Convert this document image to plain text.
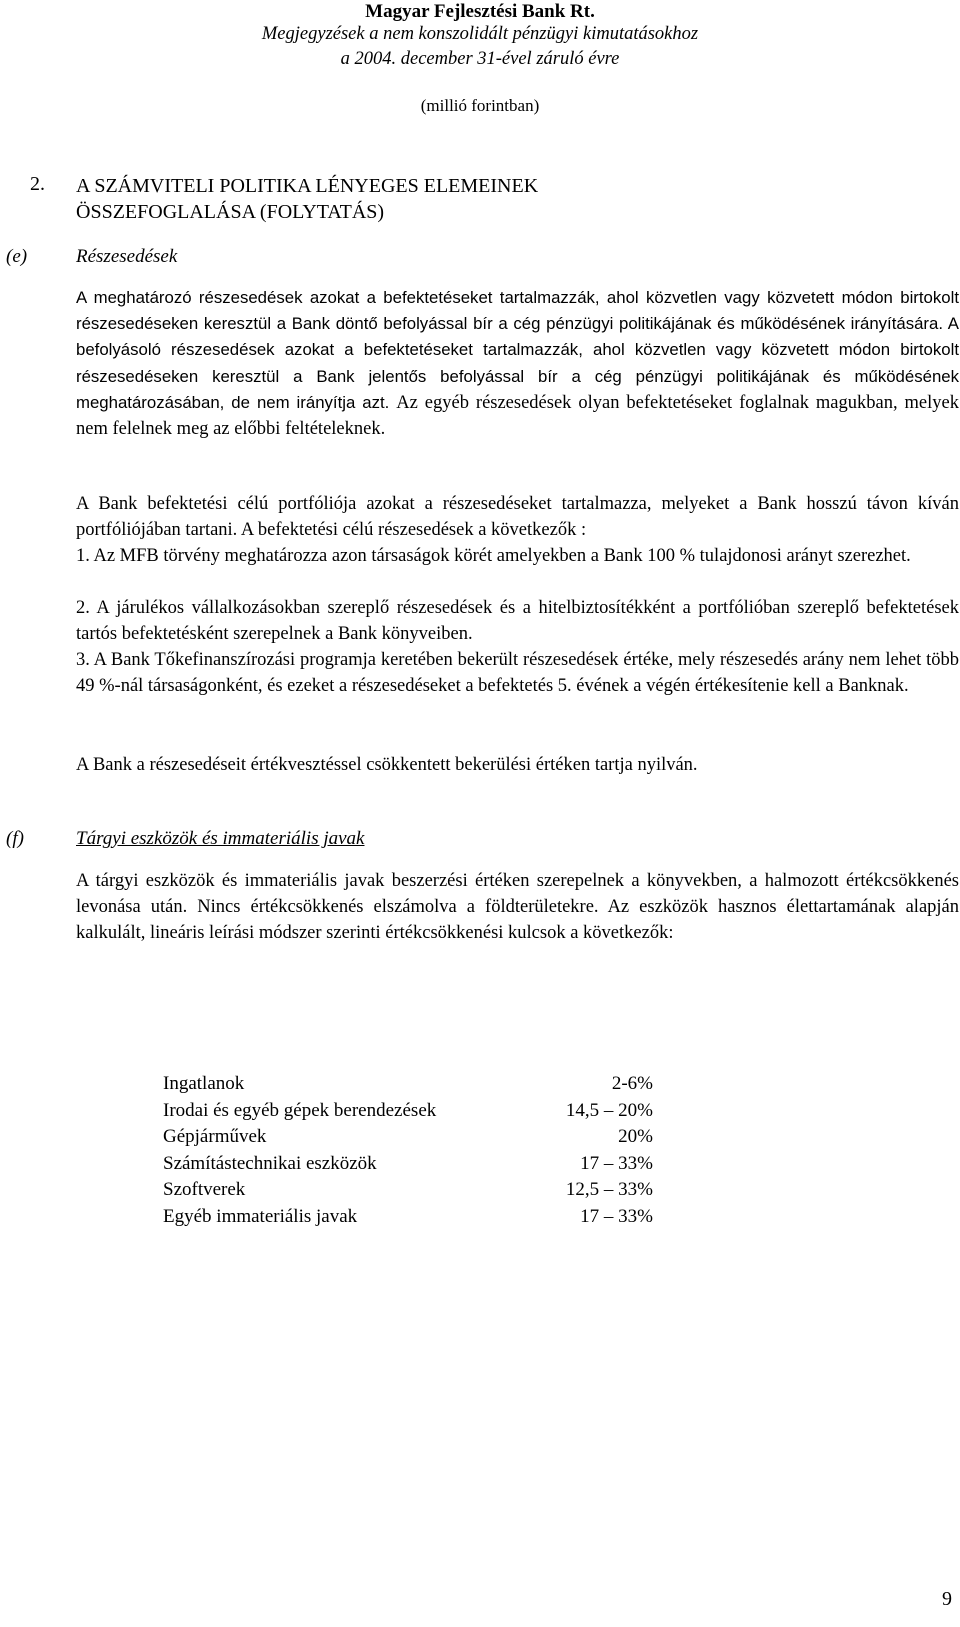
Magyar Fejlesztési Bank Rt.
Megjegyzések a nem konszolidált pénzügyi kimutatásokhoz
a 2004. december 31-ével záruló évre
(millió forintban)
2. A SZÁMVITELI POLITIKA LÉNYEGES ELEMEINEK
ÖSSZEFOGLALÁSA (FOLYTATÁS)
(e)	Részesedések
A meghatározó részesedések azokat a befektetéseket tartalmazzák, ahol közvetlen vagy közvetett módon birtokolt részesedéseken keresztül a Bank döntő befolyással bír a cég pénzügyi politikájának és működésének irányítására. A befolyásoló részesedések azokat a befektetéseket tartalmazzák, ahol közvetlen vagy közvetett módon birtokolt részesedéseken keresztül a Bank jelentős befolyással bír a cég pénzügyi politikájának és működésének meghatározásában, de nem irányítja azt. Az egyéb részesedések olyan befektetéseket foglalnak magukban, melyek nem felelnek meg az előbbi feltételeknek.
A Bank befektetési célú portfóliója azokat a részesedéseket tartalmazza, melyeket a Bank hosszú távon kíván portfóliójában tartani. A befektetési célú részesedések a következők :
1. Az MFB törvény meghatározza azon társaságok körét amelyekben a Bank 100 % tulajdonosi arányt szerezhet.
2. A járulékos vállalkozásokban szereplő részesedések és a hitelbiztosítékként a portfólióban szereplő befektetések tartós befektetésként szerepelnek a Bank könyveiben.
3. A Bank Tőkefinanszírozási programja keretében bekerült részesedések értéke, mely részesedés arány nem lehet több 49 %-nál társaságonként, és ezeket a részesedéseket a befektetés 5. évének a végén értékesítenie kell a Banknak.
A Bank a részesedéseit értékvesztéssel csökkentett bekerülési értéken tartja nyilván.
(f)	Tárgyi eszközök és immateriális javak
A tárgyi eszközök és immateriális javak beszerzési értéken szerepelnek a könyvekben, a halmozott értékcsökkenés levonása után. Nincs értékcsökkenés elszámolva a földterületekre. Az eszközök hasznos élettartamának alapján kalkulált, lineáris leírási módszer szerinti értékcsökkenési kulcsok a következők:
Ingatlanok	2-6%
Irodai és egyéb gépek berendezések	14,5 – 20%
Gépjárművek	20%
Számítástechnikai eszközök	17 – 33%
Szoftverek	12,5 – 33%
Egyéb immateriális javak	17 – 33%
9
